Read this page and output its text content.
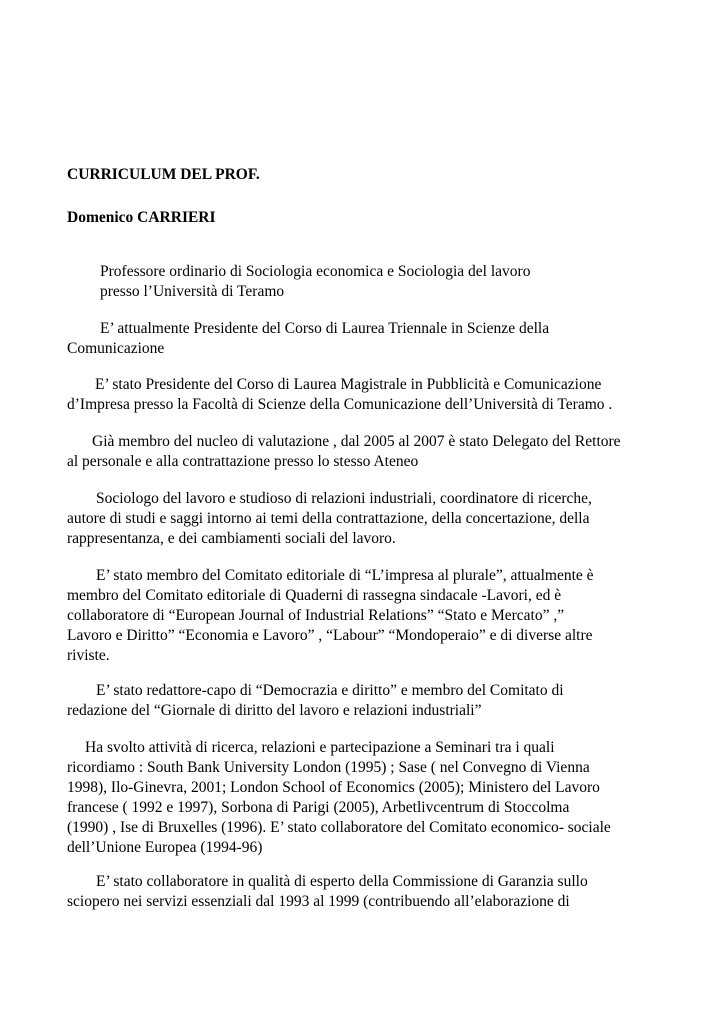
CURRICULUM DEL PROF.
Domenico CARRIERI
Professore ordinario di Sociologia economica e Sociologia del lavoro
presso l’Università di Teramo
E’ attualmente Presidente del Corso di Laurea Triennale in Scienze della
Comunicazione
E’ stato Presidente del Corso di Laurea Magistrale in Pubblicità e Comunicazione
d’Impresa presso la Facoltà di Scienze della Comunicazione dell’Università di Teramo .
Già membro del nucleo di valutazione , dal 2005 al 2007 è stato Delegato del Rettore
al personale e alla contrattazione presso lo stesso Ateneo
Sociologo del lavoro e studioso di relazioni industriali, coordinatore di ricerche,
autore di studi e saggi intorno ai temi della contrattazione, della concertazione, della
rappresentanza, e dei cambiamenti sociali del lavoro.
E’ stato membro del Comitato editoriale di “L’impresa al plurale”, attualmente è
membro del Comitato editoriale di Quaderni di rassegna sindacale -Lavori, ed è
collaboratore di “European Journal of Industrial Relations” “Stato e Mercato” ,”
Lavoro e Diritto” “Economia e Lavoro” , “Labour” “Mondoperaio” e di diverse altre
riviste.
E’ stato redattore-capo di “Democrazia e diritto” e membro del Comitato di
redazione del “Giornale di diritto del lavoro e relazioni industriali”
Ha svolto attività di ricerca, relazioni e partecipazione a Seminari tra i quali
ricordiamo : South Bank University London (1995) ; Sase ( nel Convegno di Vienna
1998), Ilo-Ginevra, 2001; London School of Economics (2005); Ministero del Lavoro
francese ( 1992 e 1997), Sorbona di Parigi (2005), Arbetlivcentrum di Stoccolma
(1990) , Ise di Bruxelles (1996). E’ stato collaboratore del Comitato economico- sociale
dell’Unione Europea (1994-96)
E’ stato collaboratore in qualità di esperto della Commissione di Garanzia sullo
sciopero nei servizi essenziali dal 1993 al 1999 (contribuendo all’elaborazione di
